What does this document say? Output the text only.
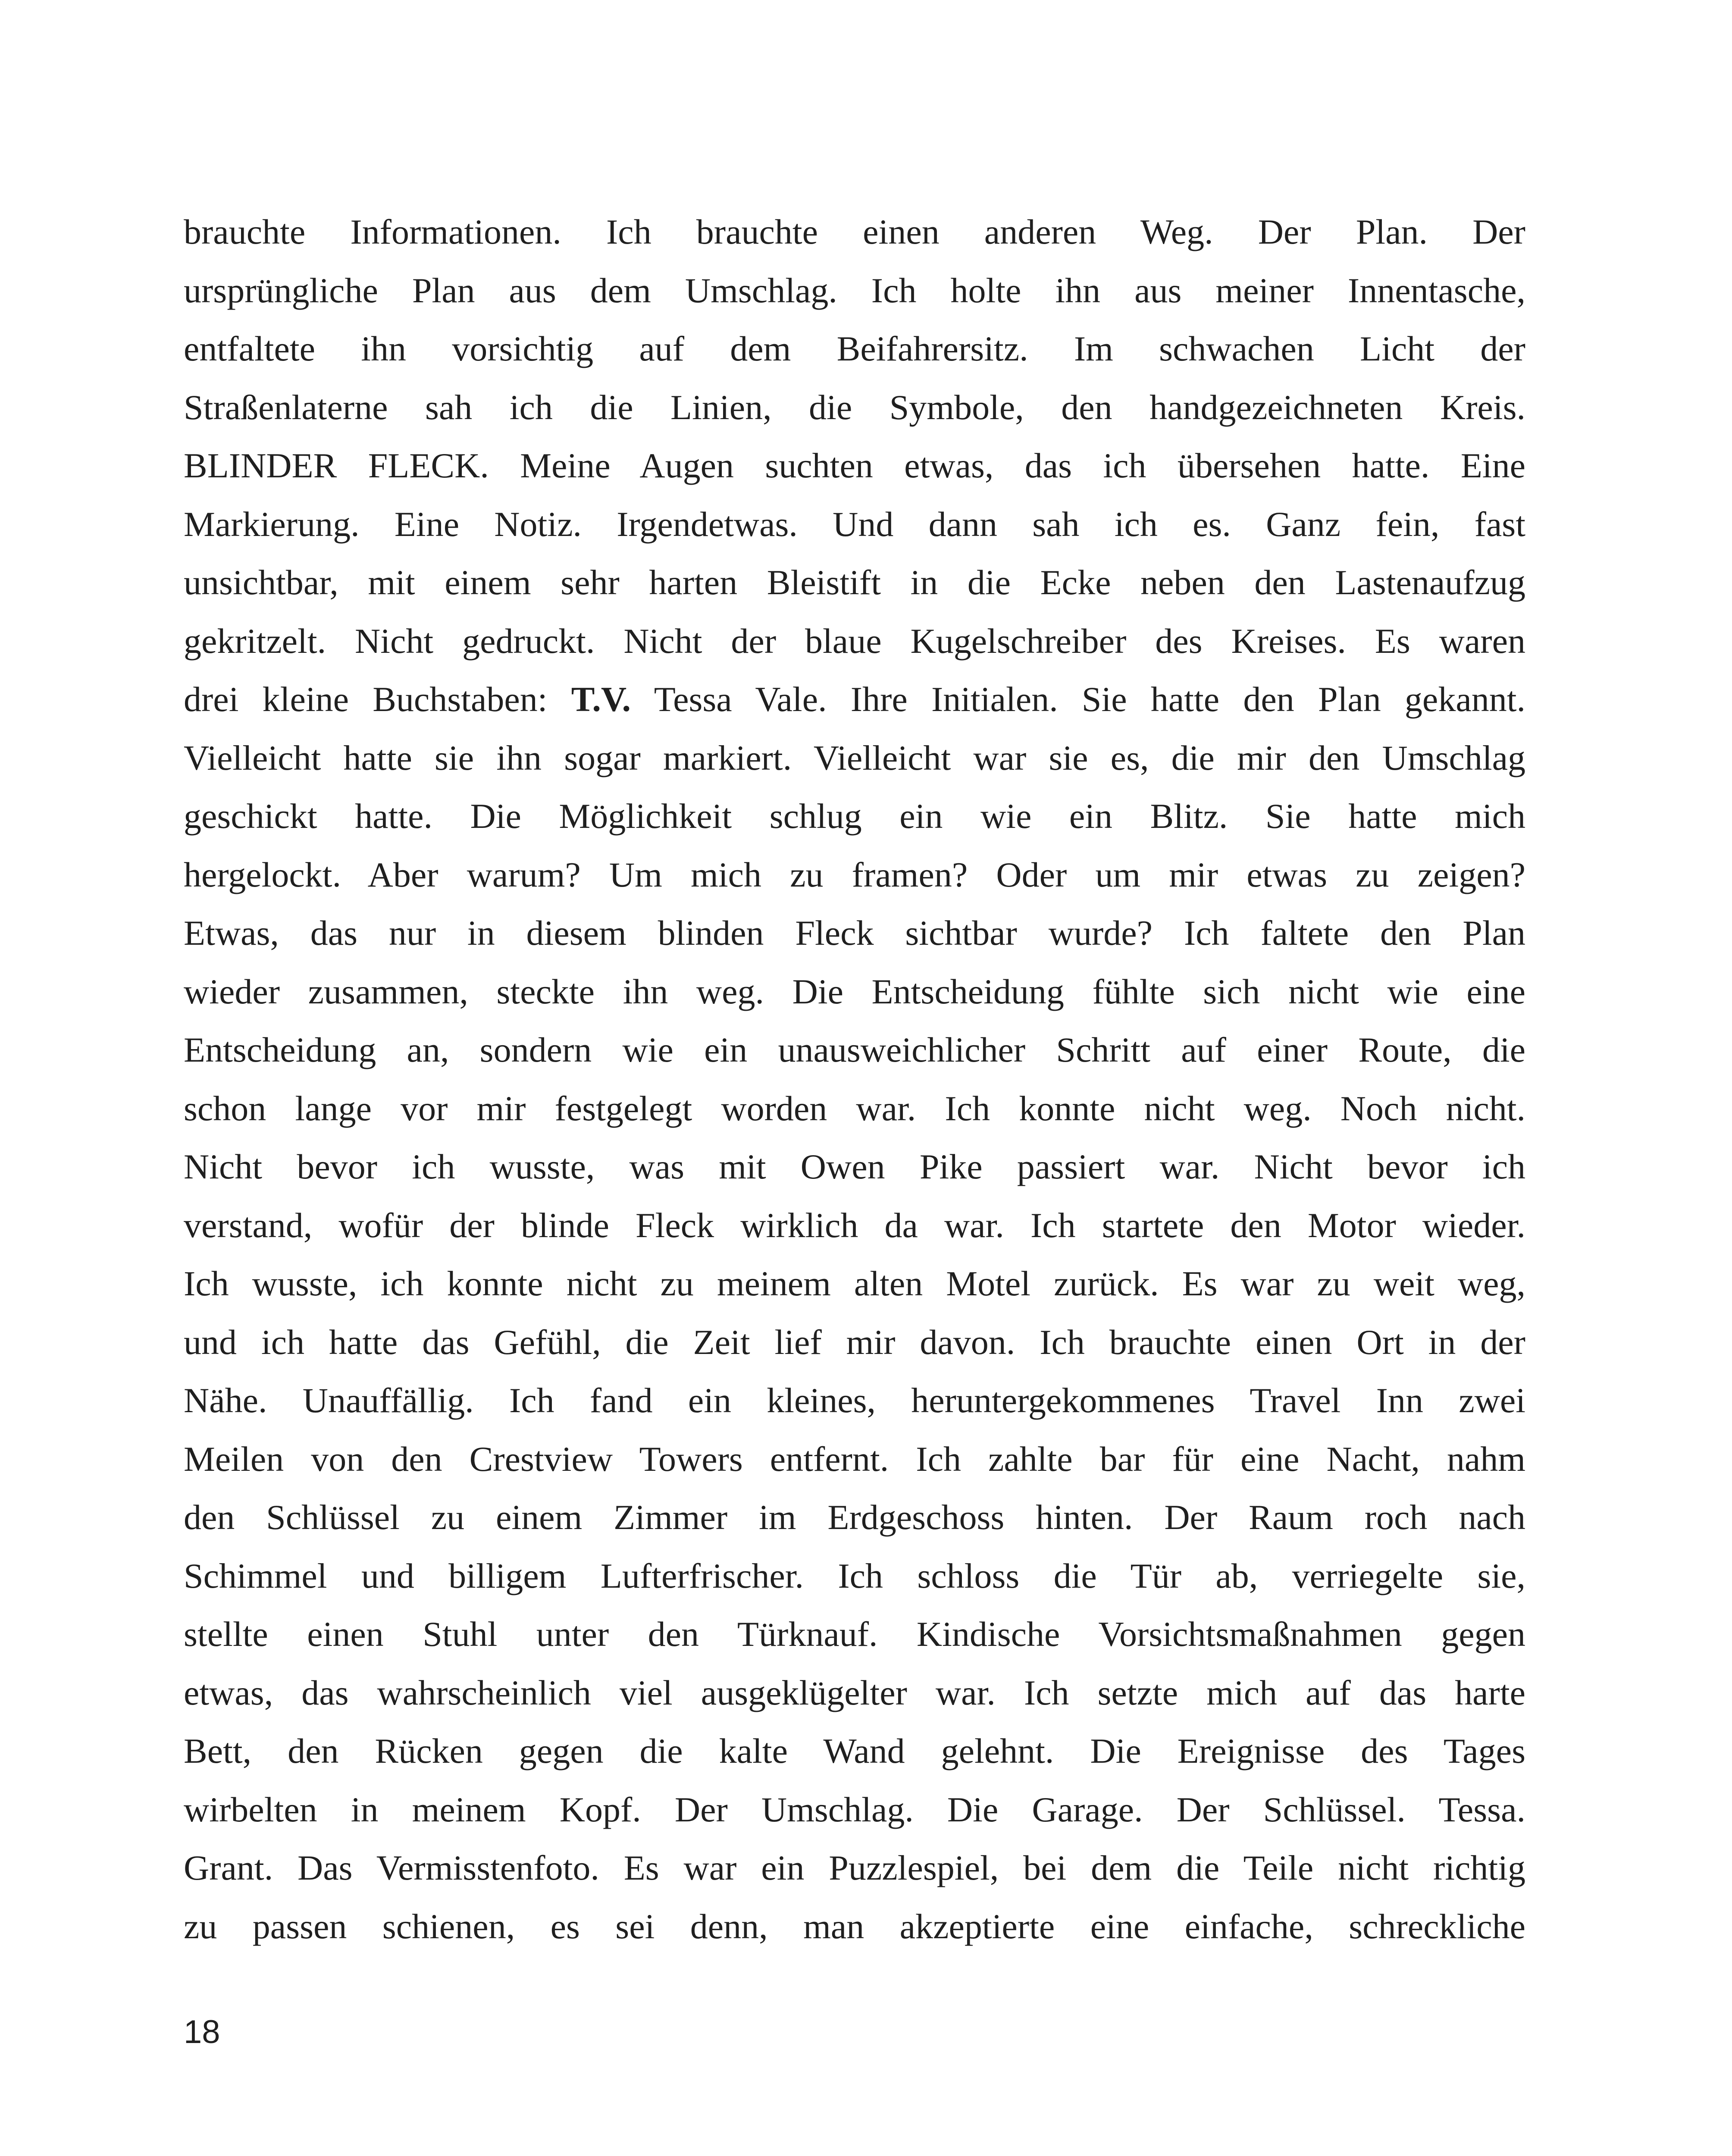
brauchte Informationen. Ich brauchte einen anderen Weg. Der Plan. Der
ursprüngliche Plan aus dem Umschlag. Ich holte ihn aus meiner Innentasche,
entfaltete ihn vorsichtig auf dem Beifahrersitz. Im schwachen Licht der
Straßenlaterne sah ich die Linien, die Symbole, den handgezeichneten Kreis.
BLINDER FLECK. Meine Augen suchten etwas, das ich übersehen hatte. Eine
Markierung. Eine Notiz. Irgendetwas. Und dann sah ich es. Ganz fein, fast
unsichtbar, mit einem sehr harten Bleistift in die Ecke neben den Lastenaufzug
gekritzelt. Nicht gedruckt. Nicht der blaue Kugelschreiber des Kreises. Es waren
drei kleine Buchstaben: T.V. Tessa Vale. Ihre Initialen. Sie hatte den Plan gekannt.
Vielleicht hatte sie ihn sogar markiert. Vielleicht war sie es, die mir den Umschlag
geschickt hatte. Die Möglichkeit schlug ein wie ein Blitz. Sie hatte mich
hergelockt. Aber warum? Um mich zu framen? Oder um mir etwas zu zeigen?
Etwas, das nur in diesem blinden Fleck sichtbar wurde? Ich faltete den Plan
wieder zusammen, steckte ihn weg. Die Entscheidung fühlte sich nicht wie eine
Entscheidung an, sondern wie ein unausweichlicher Schritt auf einer Route, die
schon lange vor mir festgelegt worden war. Ich konnte nicht weg. Noch nicht.
Nicht bevor ich wusste, was mit Owen Pike passiert war. Nicht bevor ich
verstand, wofür der blinde Fleck wirklich da war. Ich startete den Motor wieder.
Ich wusste, ich konnte nicht zu meinem alten Motel zurück. Es war zu weit weg,
und ich hatte das Gefühl, die Zeit lief mir davon. Ich brauchte einen Ort in der
Nähe. Unauffällig. Ich fand ein kleines, heruntergekommenes Travel Inn zwei
Meilen von den Crestview Towers entfernt. Ich zahlte bar für eine Nacht, nahm
den Schlüssel zu einem Zimmer im Erdgeschoss hinten. Der Raum roch nach
Schimmel und billigem Lufterfrischer. Ich schloss die Tür ab, verriegelte sie,
stellte einen Stuhl unter den Türknauf. Kindische Vorsichtsmaßnahmen gegen
etwas, das wahrscheinlich viel ausgeklügelter war. Ich setzte mich auf das harte
Bett, den Rücken gegen die kalte Wand gelehnt. Die Ereignisse des Tages
wirbelten in meinem Kopf. Der Umschlag. Die Garage. Der Schlüssel. Tessa.
Grant. Das Vermisstenfoto. Es war ein Puzzlespiel, bei dem die Teile nicht richtig
zu passen schienen, es sei denn, man akzeptierte eine einfache, schreckliche
18
